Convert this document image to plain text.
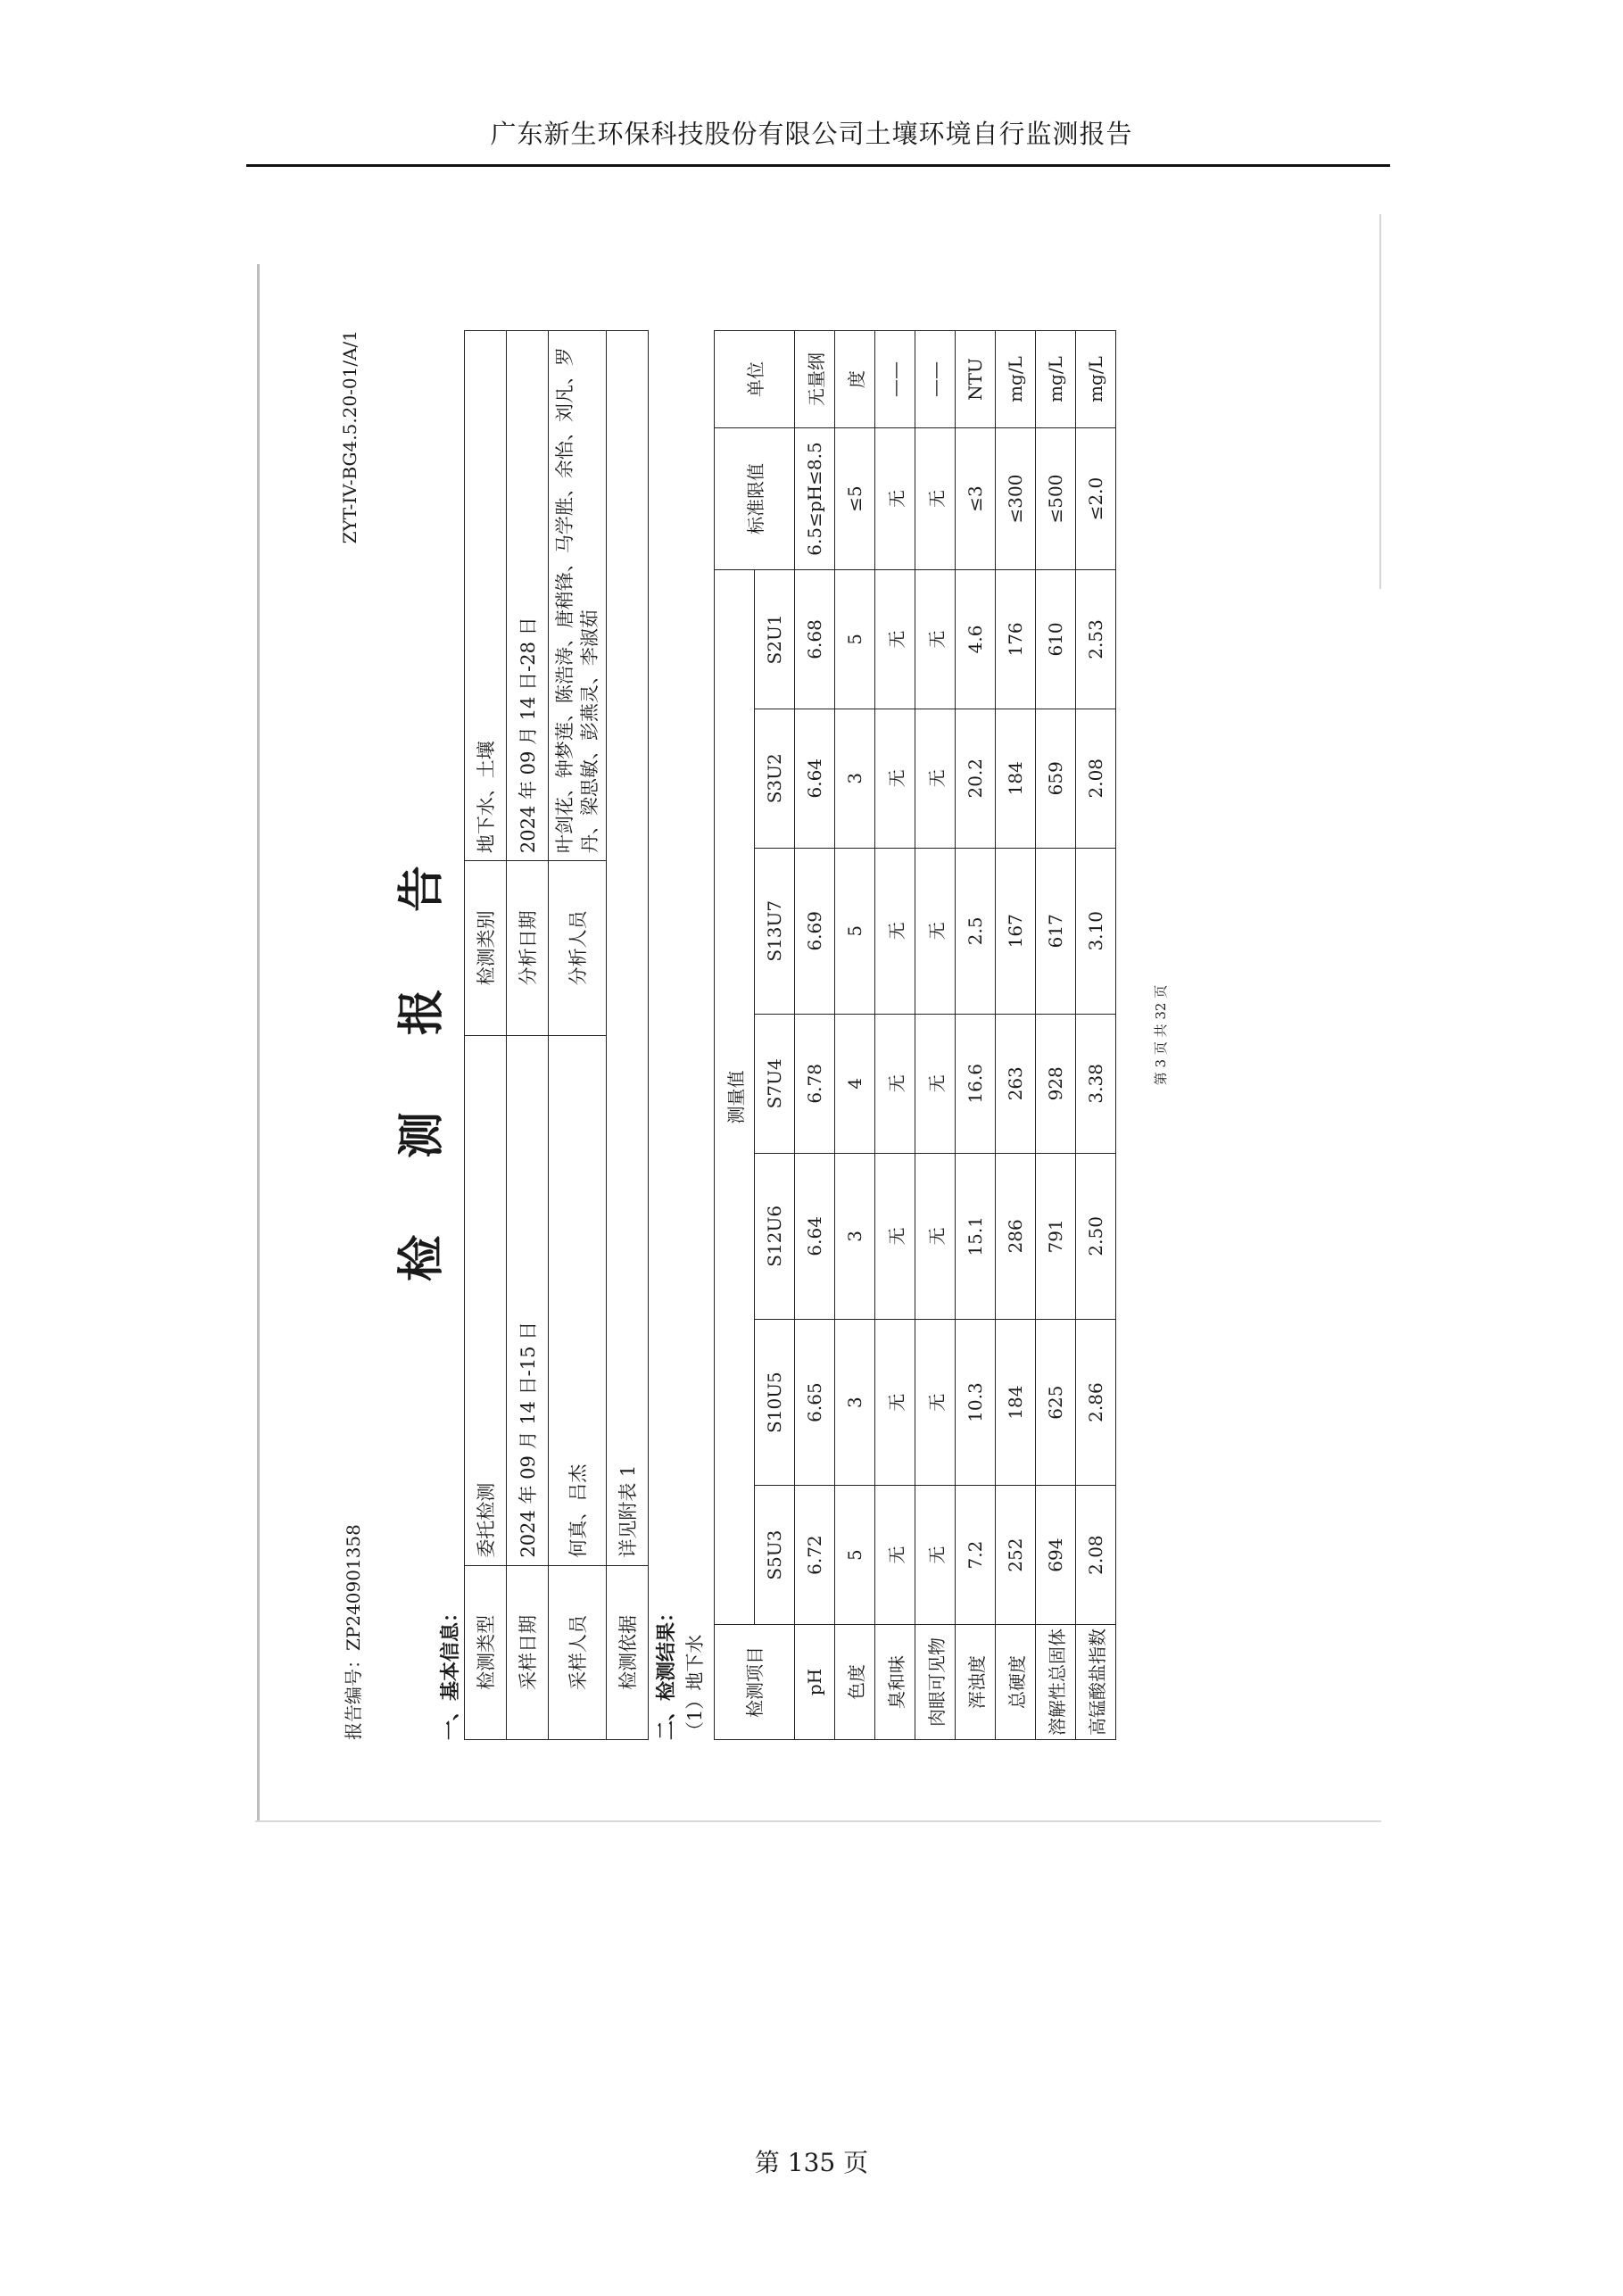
广东新生环保科技股份有限公司土壤环境自行监测报告
报告编号：ZP240901358
ZYT-IV-BG4.5.20-01/A/1
检测报告
一、基本信息： 检测类型	委托检测	检测类别	地下水、土壤
采样日期	2024 年 09 月 14 日-15 日	分析日期	2024 年 09 月 14 日-28 日
采样人员	何真、吕杰	分析人员	叶剑花、钟梦莲、陈浩涛、唐稍锋、马学胜、余怡、刘凡、罗丹、梁思敏、彭燕灵、李淑茹
检测依据	详见附表 1		
二、检测结果： （1）地下水 检测项目	测量值							标准限值	单位
	S5U3	S10U5	S12U6	S7U4	S13U7	S3U2	S2U1		
pH	6.72	6.65	6.64	6.78	6.69	6.64	6.68	6.5≤pH≤8.5	无量纲
色度	5	3	3	4	5	3	5	≤5	度
臭和味	无	无	无	无	无	无	无	无	——
肉眼可见物	无	无	无	无	无	无	无	无	——
浑浊度	7.2	10.3	15.1	16.6	2.5	20.2	4.6	≤3	NTU
总硬度	252	184	286	263	167	184	176	≤300	mg/L
溶解性总固体	694	625	791	928	617	659	610	≤500	mg/L
高锰酸盐指数	2.08	2.86	2.50	3.38	3.10	2.08	2.53	≤2.0	mg/L
第 3 页 共 32 页
第 135 页
